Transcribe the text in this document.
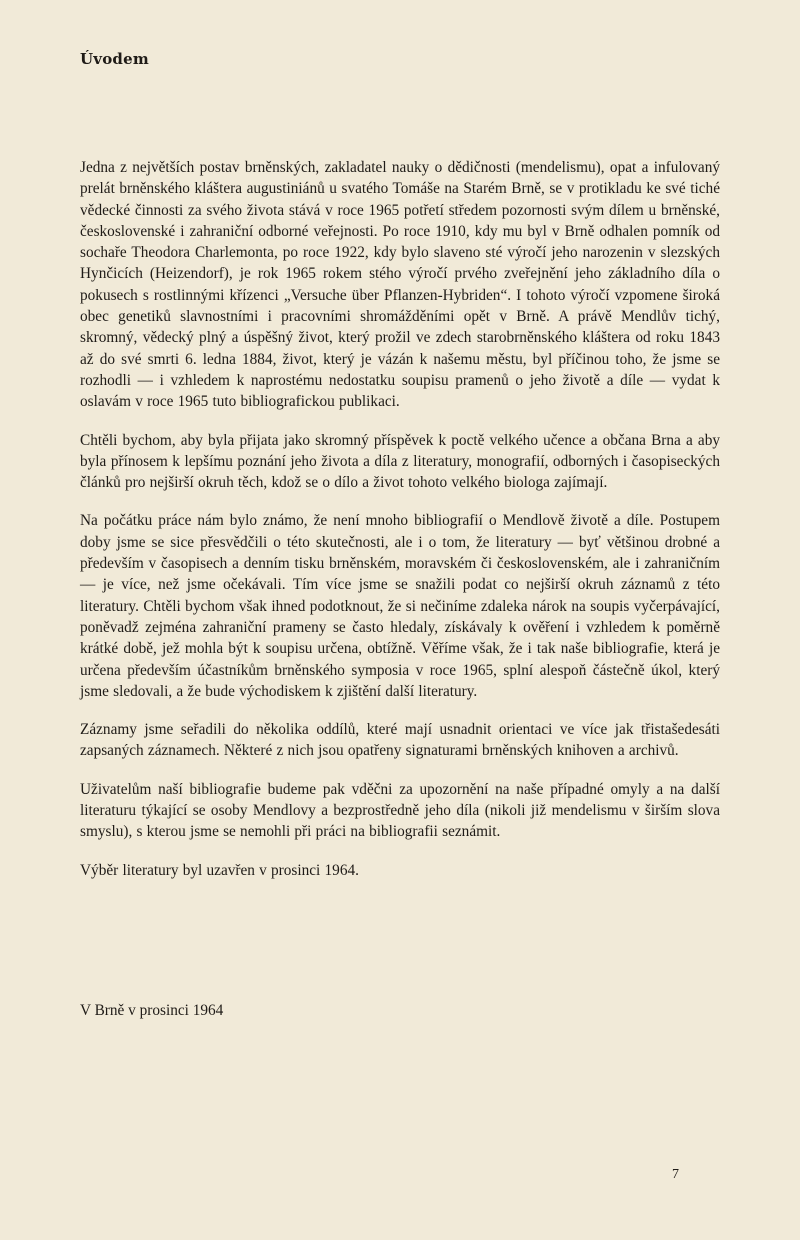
Úvodem

Jedna z největších postav brněnských, zakladatel nauky o dědičnosti (mendelismu), opat a infulovaný prelát brněnského kláštera augustiniánů u svatého Tomáše na Starém Brně, se v protikladu ke své tiché vědecké činnosti za svého života stává v roce 1965 potřetí středem pozornosti svým dílem u brněnské, československé i zahraniční odborné veřejnosti. Po roce 1910, kdy mu byl v Brně odhalen pomník od sochaře Theodora Charlemonta, po roce 1922, kdy bylo slaveno sté výročí jeho narozenin v slezských Hynčicích (Heizendorf), je rok 1965 rokem stého výročí prvého zveřejnění jeho základního díla o pokusech s rostlinnými křízenci „Versuche über Pflanzen-Hybriden“. I tohoto výročí vzpomene široká obec genetiků slavnostními i pracovními shromážděními opět v Brně. A právě Mendlův tichý, skromný, vědecký plný a úspěšný život, který prožil ve zdech starobrněnského kláštera od roku 1843 až do své smrti 6. ledna 1884, život, který je vázán k našemu městu, byl příčinou toho, že jsme se rozhodli — i vzhledem k naprostému nedostatku soupisu pramenů o jeho životě a díle — vydat k oslavám v roce 1965 tuto bibliografickou publikaci.

Chtěli bychom, aby byla přijata jako skromný příspěvek k poctě velkého učence a občana Brna a aby byla přínosem k lepšímu poznání jeho života a díla z literatury, monografií, odborných i časopiseckých článků pro nejširší okruh těch, kdož se o dílo a život tohoto velkého biologa zajímají.

Na počátku práce nám bylo známo, že není mnoho bibliografií o Mendlově životě a díle. Postupem doby jsme se sice přesvědčili o této skutečnosti, ale i o tom, že literatury — byť většinou drobné a především v časopisech a denním tisku brněnském, moravském či československém, ale i zahraničním — je více, než jsme očekávali. Tím více jsme se snažili podat co nejširší okruh záznamů z této literatury. Chtěli bychom však ihned podotknout, že si nečiníme zdaleka nárok na soupis vyčerpávající, poněvadž zejména zahraniční prameny se často hledaly, získávaly k ověření i vzhledem k poměrně krátké době, jež mohla být k soupisu určena, obtížně. Věříme však, že i tak naše bibliografie, která je určena především účastníkům brněnského symposia v roce 1965, splní alespoň částečně úkol, který jsme sledovali, a že bude východiskem k zjištění další literatury.

Záznamy jsme seřadili do několika oddílů, které mají usnadnit orientaci ve více jak třistašedesáti zapsaných záznamech. Některé z nich jsou opatřeny signaturami brněnských knihoven a archivů.

Uživatelům naší bibliografie budeme pak vděčni za upozornění na naše případné omyly a na další literaturu týkající se osoby Mendlovy a bezprostředně jeho díla (nikoli již mendelismu v širším slova smyslu), s kterou jsme se nemohli při práci na bibliografii seznámit.

Výběr literatury byl uzavřen v prosinci 1964.

V Brně v prosinci 1964

7
